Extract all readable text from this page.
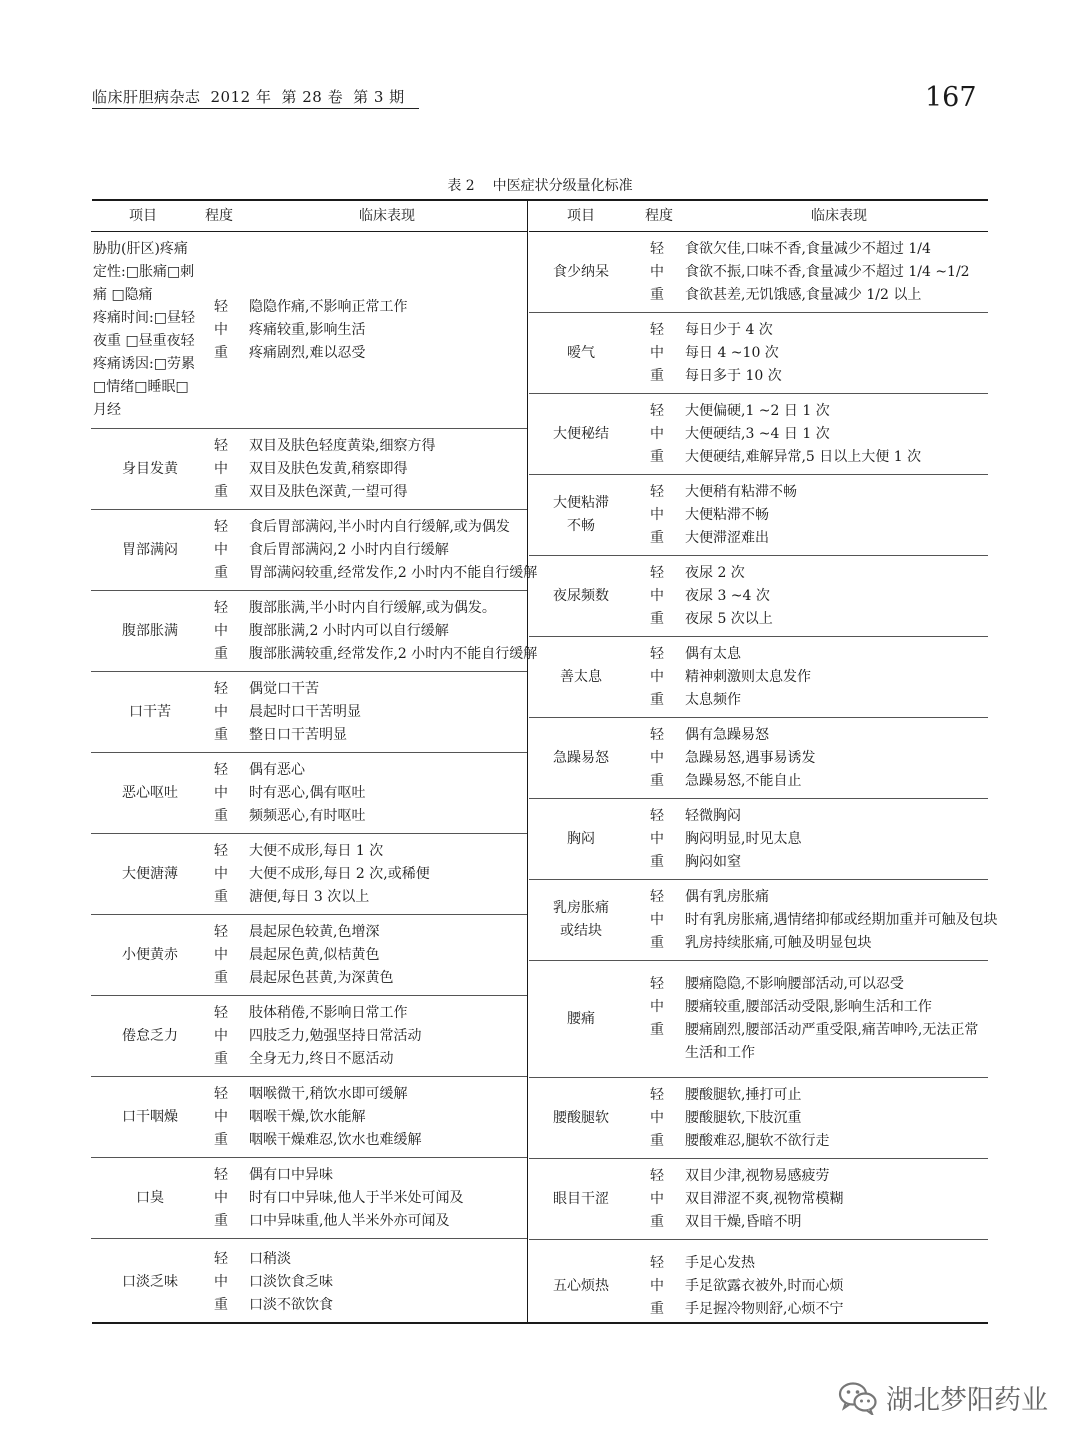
临床肝胆病杂志 2012 年 第 28 卷 第 3 期	167
表 2 中医症状分级量化标准
项目	程度	临床表现
胁肋(肝区)疼痛
定性:□胀痛□刺
痛 □隐痛
疼痛时间:□昼轻
夜重 □昼重夜轻
疼痛诱因:□劳累
□情绪□睡眠□
月经
轻	隐隐作痛,不影响正常工作
中	疼痛较重,影响生活
重	疼痛剧烈,难以忍受
身目发黄
轻	双目及肤色轻度黄染,细察方得
中	双目及肤色发黄,稍察即得
重	双目及肤色深黄,一望可得
胃部满闷
轻	食后胃部满闷,半小时内自行缓解,或为偶发
中	食后胃部满闷,2 小时内自行缓解
重	胃部满闷较重,经常发作,2 小时内不能自行缓解
腹部胀满
轻	腹部胀满,半小时内自行缓解,或为偶发。
中	腹部胀满,2 小时内可以自行缓解
重	腹部胀满较重,经常发作,2 小时内不能自行缓解
口干苦
轻	偶觉口干苦
中	晨起时口干苦明显
重	整日口干苦明显
恶心呕吐
轻	偶有恶心
中	时有恶心,偶有呕吐
重	频频恶心,有时呕吐
大便溏薄
轻	大便不成形,每日 1 次
中	大便不成形,每日 2 次,或稀便
重	溏便,每日 3 次以上
小便黄赤
轻	晨起尿色较黄,色增深
中	晨起尿色黄,似桔黄色
重	晨起尿色甚黄,为深黄色
倦怠乏力
轻	肢体稍倦,不影响日常工作
中	四肢乏力,勉强坚持日常活动
重	全身无力,终日不愿活动
口干咽燥
轻	咽喉微干,稍饮水即可缓解
中	咽喉干燥,饮水能解
重	咽喉干燥难忍,饮水也难缓解
口臭
轻	偶有口中异味
中	时有口中异味,他人于半米处可闻及
重	口中异味重,他人半米外亦可闻及
口淡乏味
轻	口稍淡
中	口淡饮食乏味
重	口淡不欲饮食
项目	程度	临床表现
食少纳呆
轻	食欲欠佳,口味不香,食量减少不超过 1/4
中	食欲不振,口味不香,食量减少不超过 1/4 ~1/2
重	食欲甚差,无饥饿感,食量减少 1/2 以上
嗳气
轻	每日少于 4 次
中	每日 4 ~10 次
重	每日多于 10 次
大便秘结
轻	大便偏硬,1 ~2 日 1 次
中	大便硬结,3 ~4 日 1 次
重	大便硬结,难解异常,5 日以上大便 1 次
大便粘滞
不畅
轻	大便稍有粘滞不畅
中	大便粘滞不畅
重	大便滞涩难出
夜尿频数
轻	夜尿 2 次
中	夜尿 3 ~4 次
重	夜尿 5 次以上
善太息
轻	偶有太息
中	精神刺激则太息发作
重	太息频作
急躁易怒
轻	偶有急躁易怒
中	急躁易怒,遇事易诱发
重	急躁易怒,不能自止
胸闷
轻	轻微胸闷
中	胸闷明显,时见太息
重	胸闷如窒
乳房胀痛
或结块
轻	偶有乳房胀痛
中	时有乳房胀痛,遇情绪抑郁或经期加重并可触及包块
重	乳房持续胀痛,可触及明显包块
腰痛
轻	腰痛隐隐,不影响腰部活动,可以忍受
中	腰痛较重,腰部活动受限,影响生活和工作
重	腰痛剧烈,腰部活动严重受限,痛苦呻吟,无法正常生活和工作
腰酸腿软
轻	腰酸腿软,捶打可止
中	腰酸腿软,下肢沉重
重	腰酸难忍,腿软不欲行走
眼目干涩
轻	双目少津,视物易感疲劳
中	双目滞涩不爽,视物常模糊
重	双目干燥,昏暗不明
五心烦热
轻	手足心发热
中	手足欲露衣被外,时而心烦
重	手足握冷物则舒,心烦不宁
湖北梦阳药业
